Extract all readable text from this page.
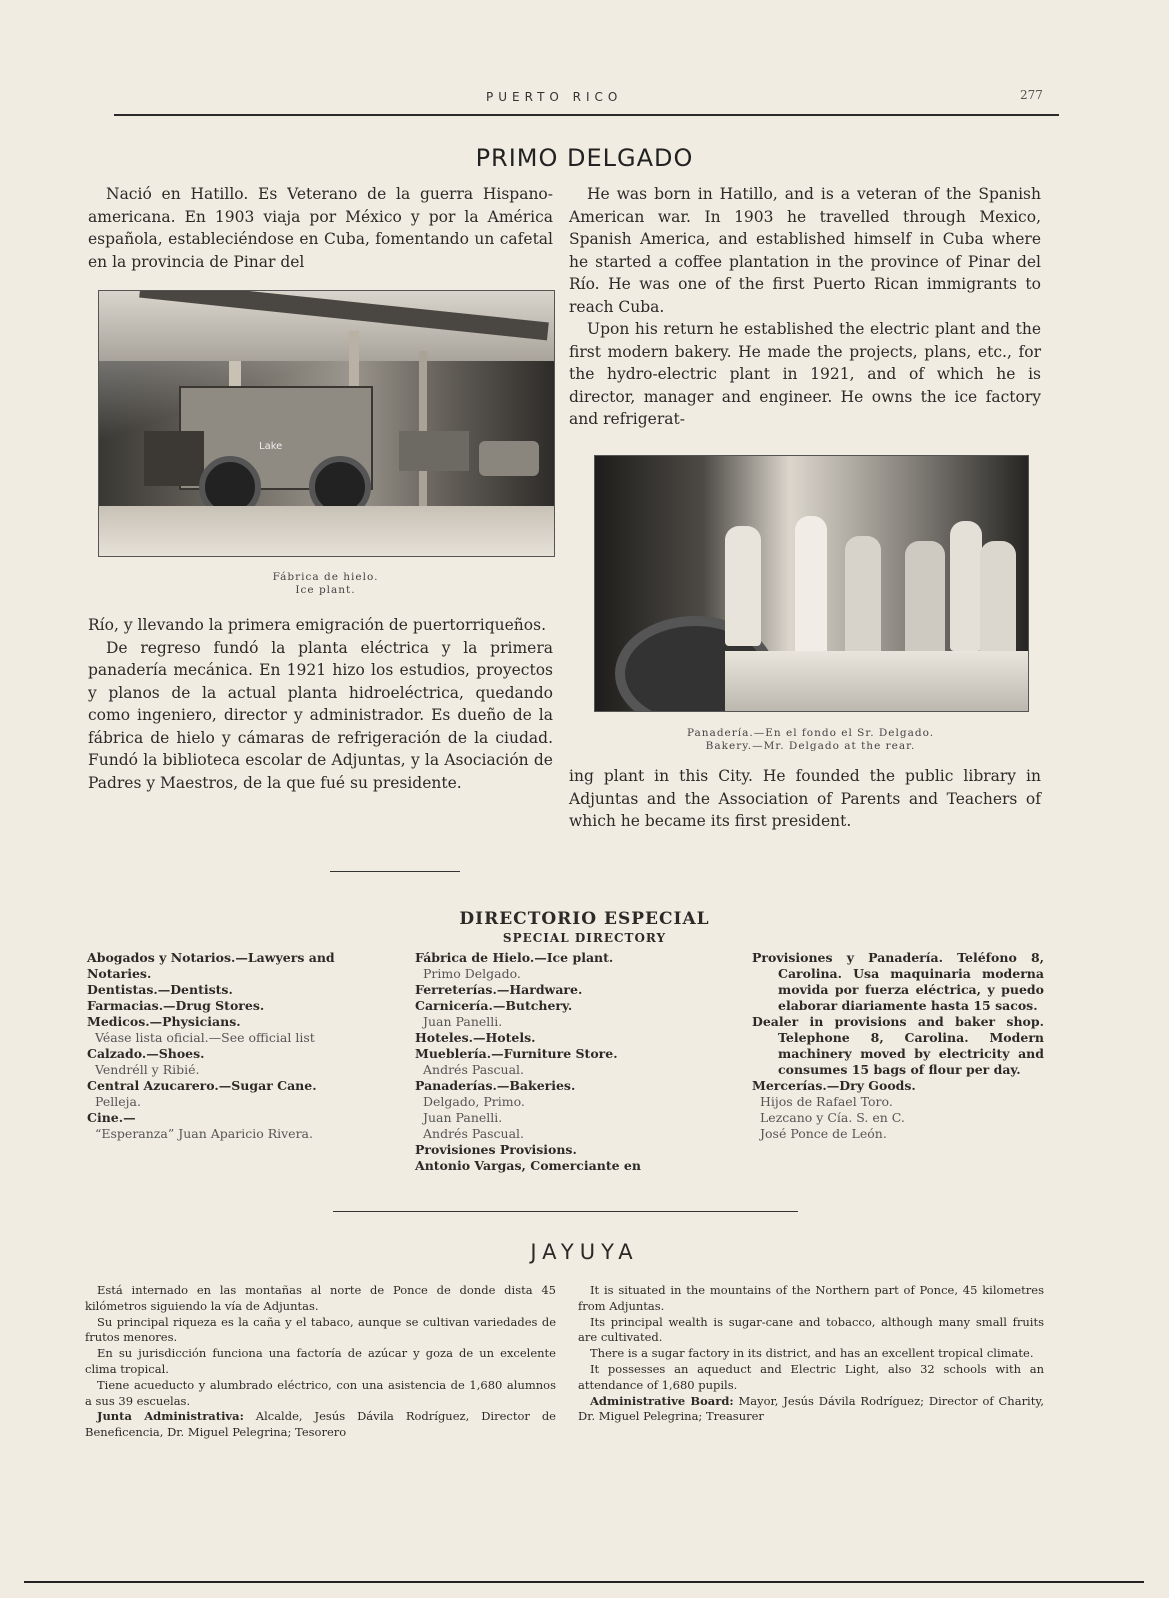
PUERTO RICO	277
PRIMO DELGADO

Nació en Hatillo. Es Veterano de la guerra Hispano-americana. En 1903 viaja por México y por la América española, estableciéndose en Cuba, fomentando un cafetal en la provincia de Pinar del

Lake
Fábrica de hielo.
Ice plant.

Río, y llevando la primera emigración de puertorriqueños.

De regreso fundó la planta eléctrica y la primera panadería mecánica. En 1921 hizo los estudios, proyectos y planos de la actual planta hidroeléctrica, quedando como ingeniero, director y administrador. Es dueño de la fábrica de hielo y cámaras de refrigeración de la ciudad. Fundó la biblioteca escolar de Adjuntas, y la Asociación de Padres y Maestros, de la que fué su presidente.

He was born in Hatillo, and is a veteran of the Spanish American war. In 1903 he travelled through Mexico, Spanish America, and established himself in Cuba where he started a coffee plantation in the province of Pinar del Río. He was one of the first Puerto Rican immigrants to reach Cuba.

Upon his return he established the electric plant and the first modern bakery. He made the projects, plans, etc., for the hydro-electric plant in 1921, and of which he is director, manager and engineer. He owns the ice factory and refrigerat-

Panadería.—En el fondo el Sr. Delgado.
Bakery.—Mr. Delgado at the rear.

ing plant in this City. He founded the public library in Adjuntas and the Association of Parents and Teachers of which he became its first president.

DIRECTORIO ESPECIAL
SPECIAL DIRECTORY
Abogados y Notarios.—Lawyers and Notaries.
Dentistas.—Dentists.
Farmacias.—Drug Stores.
Medicos.—Physicians.
Véase lista oficial.—See official list
Calzado.—Shoes.
Vendréll y Ribié.
Central Azucarero.—Sugar Cane.
Pelleja.
Cine.—
“Esperanza” Juan Aparicio Rivera.
Fábrica de Hielo.—Ice plant.
Primo Delgado.
Ferreterías.—Hardware.
Carnicería.—Butchery.
Juan Panelli.
Hoteles.—Hotels.
Mueblería.—Furniture Store.
Andrés Pascual.
Panaderías.—Bakeries.
Delgado, Primo.
Juan Panelli.
Andrés Pascual.
Provisiones Provisions.
Antonio Vargas, Comerciante en
Provisiones y Panadería. Teléfono 8, Carolina. Usa maquinaria moderna movida por fuerza eléctrica, y puedo elaborar diariamente hasta 15 sacos.
Dealer in provisions and baker shop. Telephone 8, Carolina. Modern machinery moved by electricity and consumes 15 bags of flour per day.
Mercerías.—Dry Goods.
Hijos de Rafael Toro.
Lezcano y Cía. S. en C.
José Ponce de León.
JAYUYA

Está internado en las montañas al norte de Ponce de donde dista 45 kilómetros siguiendo la vía de Adjuntas.

Su principal riqueza es la caña y el tabaco, aunque se cultivan variedades de frutos menores.

En su jurisdicción funciona una factoría de azúcar y goza de un excelente clima tropical.

Tiene acueducto y alumbrado eléctrico, con una asistencia de 1,680 alumnos a sus 39 escuelas.

Junta Administrativa: Alcalde, Jesús Dávila Rodríguez, Director de Beneficencia, Dr. Miguel Pelegrina; Tesorero

It is situated in the mountains of the Northern part of Ponce, 45 kilometres from Adjuntas.

Its principal wealth is sugar-cane and tobacco, although many small fruits are cultivated.

There is a sugar factory in its district, and has an excellent tropical climate.

It possesses an aqueduct and Electric Light, also 32 schools with an attendance of 1,680 pupils.

Administrative Board: Mayor, Jesús Dávila Rodríguez; Director of Charity, Dr. Miguel Pelegrina; Treasurer
